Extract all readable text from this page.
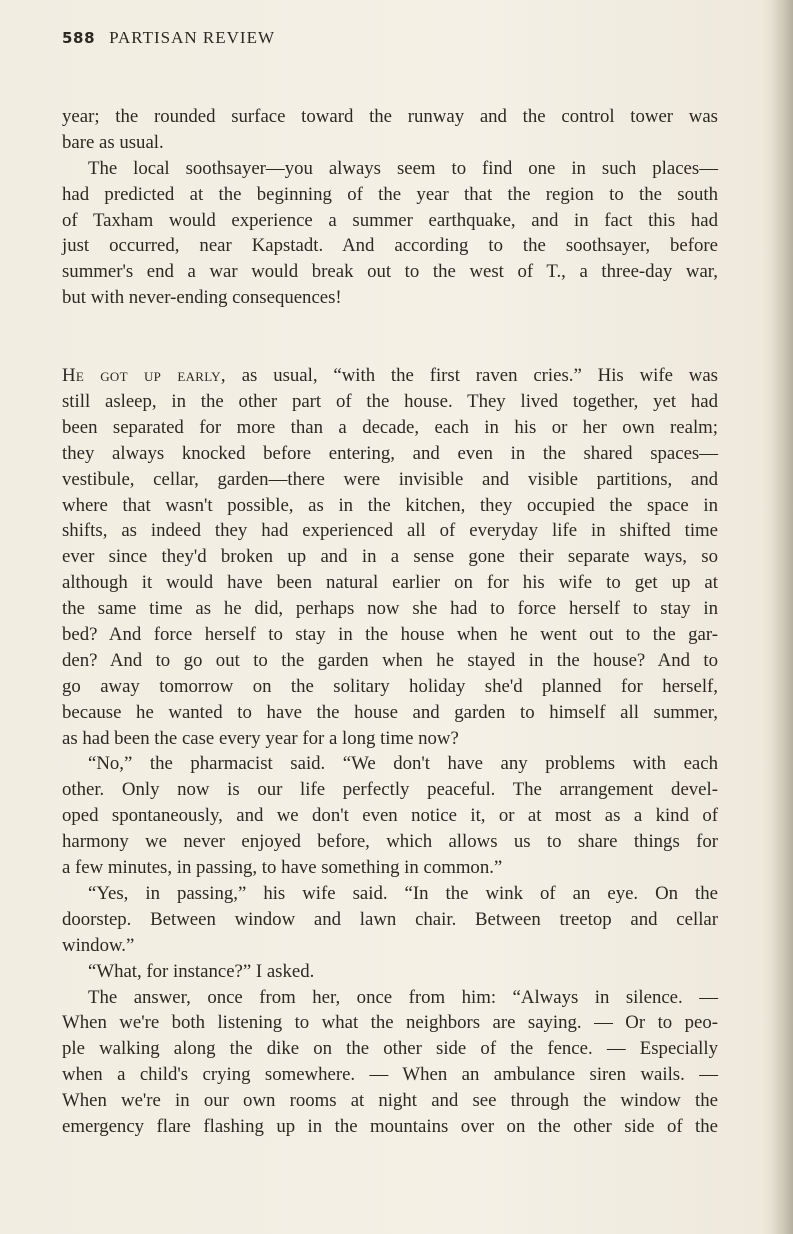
588 PARTISAN REVIEW
year; the rounded surface toward the runway and the control tower was
bare as usual.
The local soothsayer—you always seem to find one in such places—
had predicted at the beginning of the year that the region to the south
of Taxham would experience a summer earthquake, and in fact this had
just occurred, near Kapstadt. And according to the soothsayer, before
summer's end a war would break out to the west of T., a three-day war,
but with never-ending consequences!
He got up early, as usual, “with the first raven cries.” His wife was
still asleep, in the other part of the house. They lived together, yet had
been separated for more than a decade, each in his or her own realm;
they always knocked before entering, and even in the shared spaces—
vestibule, cellar, garden—there were invisible and visible partitions, and
where that wasn't possible, as in the kitchen, they occupied the space in
shifts, as indeed they had experienced all of everyday life in shifted time
ever since they'd broken up and in a sense gone their separate ways, so
although it would have been natural earlier on for his wife to get up at
the same time as he did, perhaps now she had to force herself to stay in
bed? And force herself to stay in the house when he went out to the gar-
den? And to go out to the garden when he stayed in the house? And to
go away tomorrow on the solitary holiday she'd planned for herself,
because he wanted to have the house and garden to himself all summer,
as had been the case every year for a long time now?
“No,” the pharmacist said. “We don't have any problems with each
other. Only now is our life perfectly peaceful. The arrangement devel-
oped spontaneously, and we don't even notice it, or at most as a kind of
harmony we never enjoyed before, which allows us to share things for
a few minutes, in passing, to have something in common.”
“Yes, in passing,” his wife said. “In the wink of an eye. On the
doorstep. Between window and lawn chair. Between treetop and cellar
window.”
“What, for instance?” I asked.
The answer, once from her, once from him: “Always in silence. —
When we're both listening to what the neighbors are saying. — Or to peo-
ple walking along the dike on the other side of the fence. — Especially
when a child's crying somewhere. — When an ambulance siren wails. —
When we're in our own rooms at night and see through the window the
emergency flare flashing up in the mountains over on the other side of the
